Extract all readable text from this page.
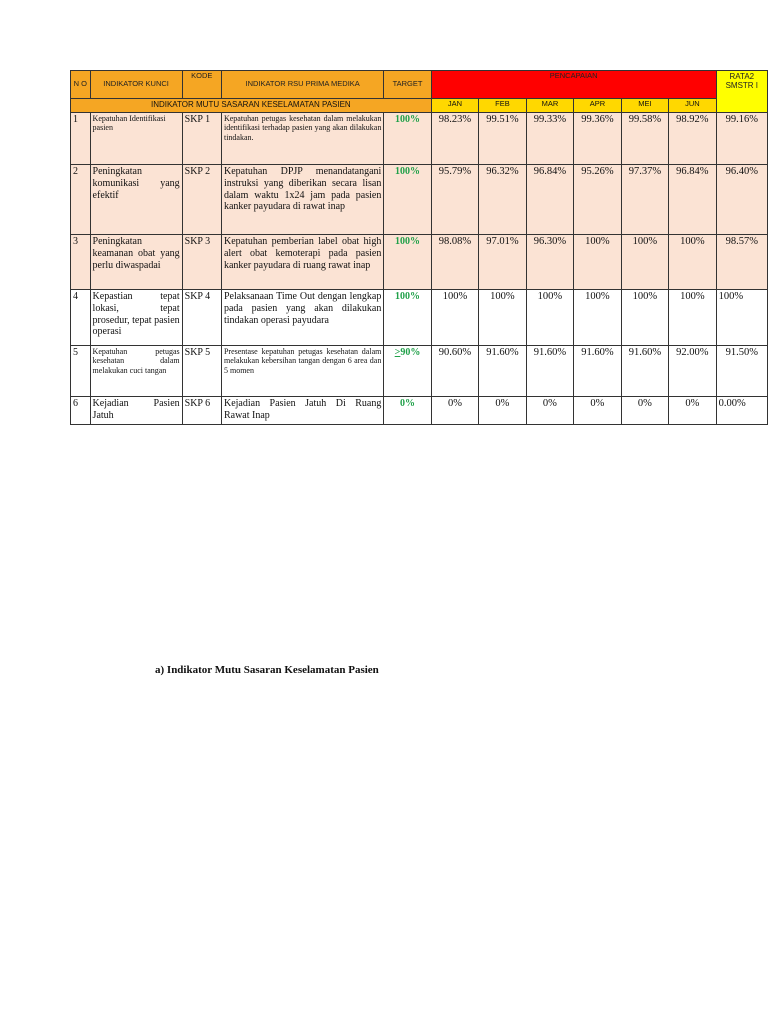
N O	INDIKATOR KUNCI	KODE	INDIKATOR RSU PRIMA MEDIKA	TARGET	PENCAPAIAN						RATA2 SMSTR I
INDIKATOR MUTU SASARAN KESELAMATAN PASIEN					JAN	FEB	MAR	APR	MEI	JUN	
1	Kepatuhan Identifikasi pasien	SKP 1	Kepatuhan petugas kesehatan dalam melakukan identifikasi terhadap pasien yang akan dilakukan tindakan.	100%	98.23%	99.51%	99.33%	99.36%	99.58%	98.92%	99.16%
2	Peningkatan komunikasi yang efektif	SKP 2	Kepatuhan DPJP menandatangani instruksi yang diberikan secara lisan dalam waktu 1x24 jam pada pasien kanker payudara di rawat inap	100%	95.79%	96.32%	96.84%	95.26%	97.37%	96.84%	96.40%
3	Peningkatan keamanan obat yang perlu diwaspadai	SKP 3	Kepatuhan pemberian label obat high alert obat kemoterapi pada pasien kanker payudara di ruang rawat inap	100%	98.08%	97.01%	96.30%	100%	100%	100%	98.57%
4	Kepastian tepat lokasi, tepat prosedur, tepat pasien operasi	SKP 4	Pelaksanaan Time Out dengan lengkap pada pasien yang akan dilakukan tindakan operasi payudara	100%	100%	100%	100%	100%	100%	100%	100%
5	Kepatuhan petugas kesehatan dalam melakukan cuci tangan	SKP 5	Presentase kepatuhan petugas kesehatan dalam melakukan kebersihan tangan dengan 6 area dan 5 momen	>90%	90.60%	91.60%	91.60%	91.60%	91.60%	92.00%	91.50%
6	Kejadian Pasien Jatuh	SKP 6	Kejadian Pasien Jatuh Di Ruang Rawat Inap	0%	0%	0%	0%	0%	0%	0%	0.00%
a) Indikator Mutu Sasaran Keselamatan Pasien
